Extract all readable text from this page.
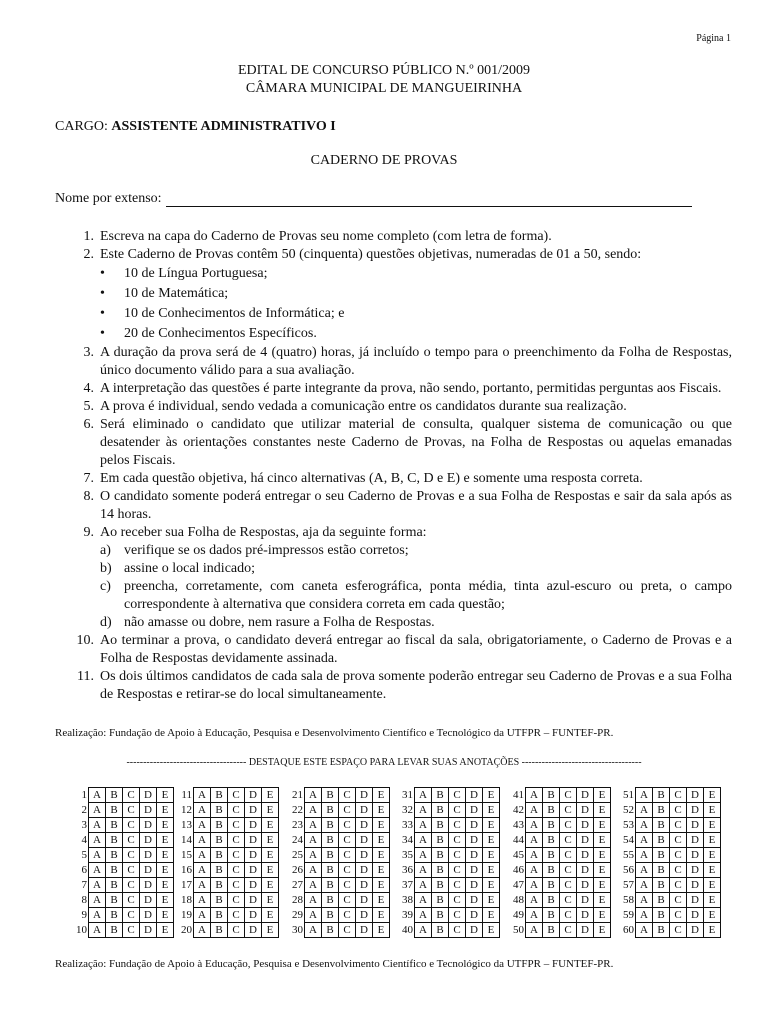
Página 1
EDITAL DE CONCURSO PÚBLICO N.º 001/2009
CÂMARA MUNICIPAL DE MANGUEIRINHA
CARGO: ASSISTENTE ADMINISTRATIVO I
CADERNO DE PROVAS
Nome por extenso:
1. Escreva na capa do Caderno de Provas seu nome completo (com letra de forma).
2. Este Caderno de Provas contêm 50 (cinquenta) questões objetivas, numeradas de 01 a 50, sendo:
•	10 de Língua Portuguesa;
•	10 de Matemática;
•	10 de Conhecimentos de Informática; e
•	20 de Conhecimentos Específicos.
3. A duração da prova será de 4 (quatro) horas, já incluído o tempo para o preenchimento da Folha de Respostas, único documento válido para a sua avaliação.
4. A interpretação das questões é parte integrante da prova, não sendo, portanto, permitidas perguntas aos Fiscais.
5. A prova é individual, sendo vedada a comunicação entre os candidatos durante sua realização.
6. Será eliminado o candidato que utilizar material de consulta, qualquer sistema de comunicação ou que desatender às orientações constantes neste Caderno de Provas, na Folha de Respostas ou aquelas emanadas pelos Fiscais.
7. Em cada questão objetiva, há cinco alternativas (A, B, C, D e E) e somente uma resposta correta.
8. O candidato somente poderá entregar o seu Caderno de Provas e a sua Folha de Respostas e sair da sala após as 14 horas.
9. Ao receber sua Folha de Respostas, aja da seguinte forma:
a) verifique se os dados pré-impressos estão corretos;
b) assine o local indicado;
c) preencha, corretamente, com caneta esferográfica, ponta média, tinta azul-escuro ou preta, o campo correspondente à alternativa que considera correta em cada questão;
d) não amasse ou dobre, nem rasure a Folha de Respostas.
10. Ao terminar a prova, o candidato deverá entregar ao fiscal da sala, obrigatoriamente, o Caderno de Provas e a Folha de Respostas devidamente assinada.
11. Os dois últimos candidatos de cada sala de prova somente poderão entregar seu Caderno de Provas e a sua Folha de Respostas e retirar-se do local simultaneamente.
Realização: Fundação de Apoio à Educação, Pesquisa e Desenvolvimento Científico e Tecnológico da UTFPR – FUNTEF-PR.
------------------------------------ DESTAQUE ESTE ESPAÇO PARA LEVAR SUAS ANOTAÇÕES ------------------------------------
1 A B C D E
2 A B C D E
3 A B C D E
4 A B C D E
5 A B C D E
6 A B C D E
7 A B C D E
8 A B C D E
9 A B C D E
10 A B C D E
11 A B C D E
12 A B C D E
13 A B C D E
14 A B C D E
15 A B C D E
16 A B C D E
17 A B C D E
18 A B C D E
19 A B C D E
20 A B C D E
21 A B C D E
22 A B C D E
23 A B C D E
24 A B C D E
25 A B C D E
26 A B C D E
27 A B C D E
28 A B C D E
29 A B C D E
30 A B C D E
31 A B C D E
32 A B C D E
33 A B C D E
34 A B C D E
35 A B C D E
36 A B C D E
37 A B C D E
38 A B C D E
39 A B C D E
40 A B C D E
41 A B C D E
42 A B C D E
43 A B C D E
44 A B C D E
45 A B C D E
46 A B C D E
47 A B C D E
48 A B C D E
49 A B C D E
50 A B C D E
51 A B C D E
52 A B C D E
53 A B C D E
54 A B C D E
55 A B C D E
56 A B C D E
57 A B C D E
58 A B C D E
59 A B C D E
60 A B C D E
Realização: Fundação de Apoio à Educação, Pesquisa e Desenvolvimento Científico e Tecnológico da UTFPR – FUNTEF-PR.
